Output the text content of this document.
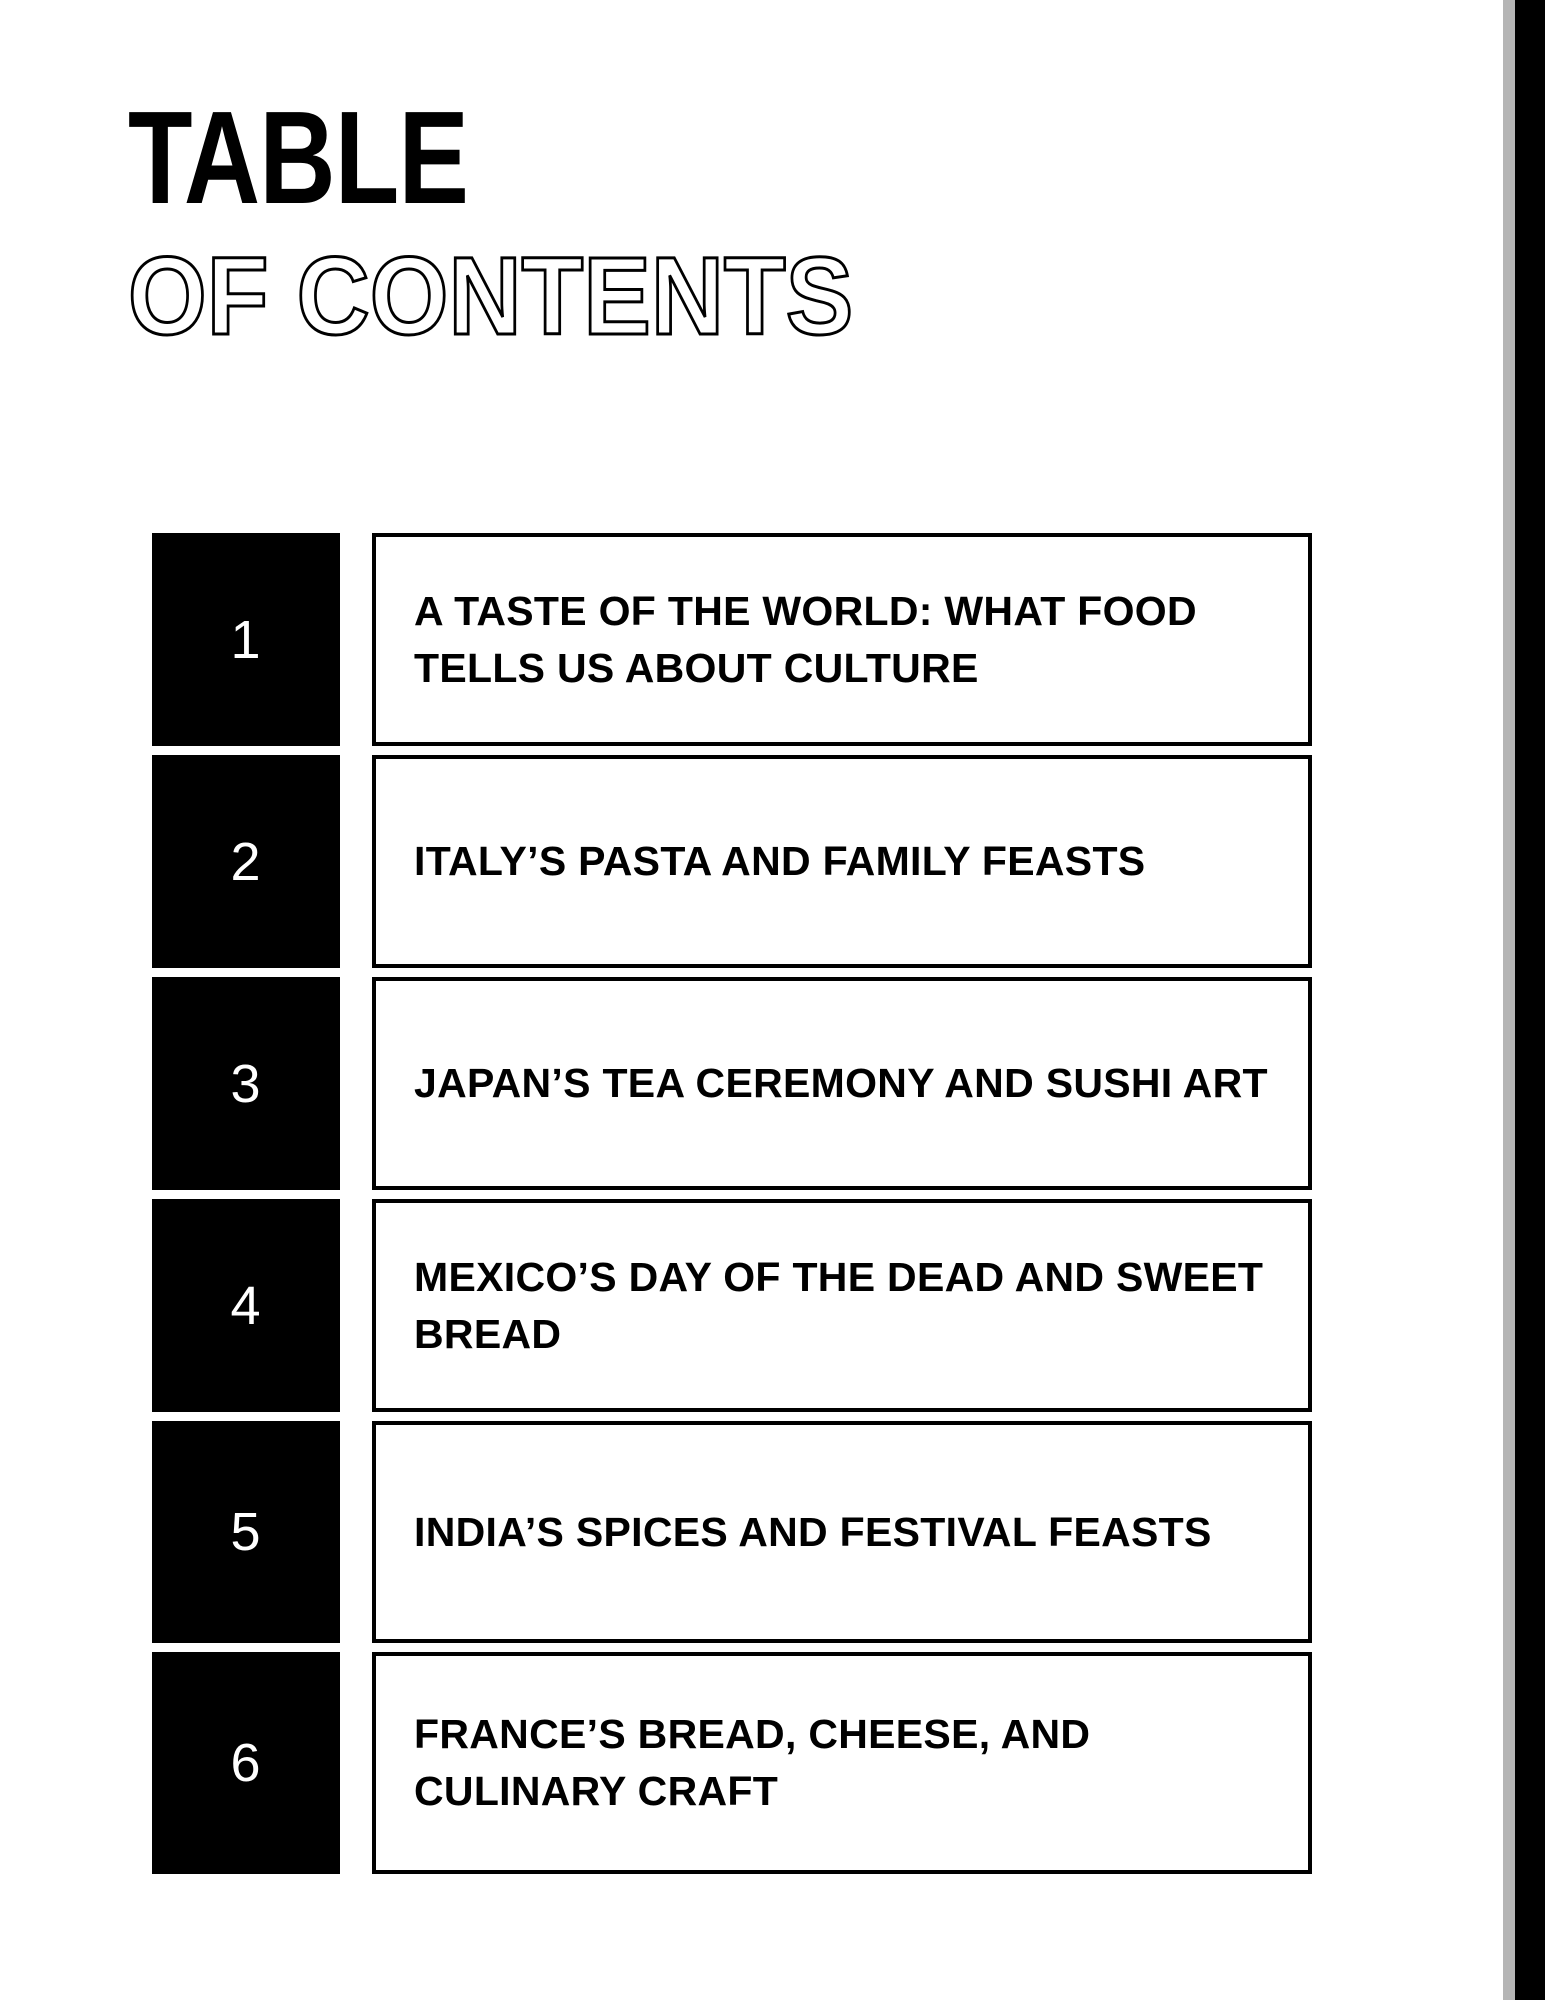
TABLE
OF CONTENTS
1	A TASTE OF THE WORLD: WHAT FOOD TELLS US ABOUT CULTURE
2	ITALY’S PASTA AND FAMILY FEASTS
3	JAPAN’S TEA CEREMONY AND SUSHI ART
4	MEXICO’S DAY OF THE DEAD AND SWEET BREAD
5	INDIA’S SPICES AND FESTIVAL FEASTS
6	FRANCE’S BREAD, CHEESE, AND CULINARY CRAFT
